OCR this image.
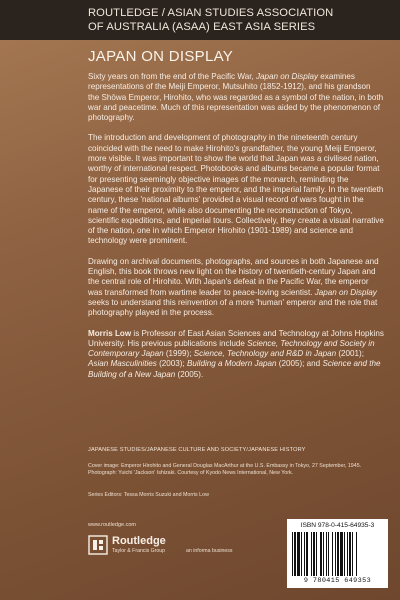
ROUTLEDGE / ASIAN STUDIES ASSOCIATION
OF AUSTRALIA (ASAA) EAST ASIA SERIES
JAPAN ON DISPLAY

Sixty years on from the end of the Pacific War, Japan on Display examines representations of the Meiji Emperor, Mutsuhito (1852-1912), and his grandson the Shōwa Emperor, Hirohito, who was regarded as a symbol of the nation, in both war and peacetime. Much of this representation was aided by the phenomenon of photography.

The introduction and development of photography in the nineteenth century coincided with the need to make Hirohito's grandfather, the young Meiji Emperor, more visible. It was important to show the world that Japan was a civilised nation, worthy of international respect. Photobooks and albums became a popular format for presenting seemingly objective images of the monarch, reminding the Japanese of their proximity to the emperor, and the imperial family. In the twentieth century, these 'national albums' provided a visual record of wars fought in the name of the emperor, while also documenting the reconstruction of Tokyo, scientific expeditions, and imperial tours. Collectively, they create a visual narrative of the nation, one in which Emperor Hirohito (1901-1989) and science and technology were prominent.

Drawing on archival documents, photographs, and sources in both Japanese and English, this book throws new light on the history of twentieth-century Japan and the central role of Hirohito. With Japan's defeat in the Pacific War, the emperor was transformed from wartime leader to peace-loving scientist. Japan on Display seeks to understand this reinvention of a more 'human' emperor and the role that photography played in the process.

Morris Low is Professor of East Asian Sciences and Technology at Johns Hopkins University. His previous publications include Science, Technology and Society in Contemporary Japan (1999); Science, Technology and R&D in Japan (2001); Asian Masculinities (2003); Building a Modern Japan (2005); and Science and the Building of a New Japan (2005).

JAPANESE STUDIES/JAPANESE CULTURE AND SOCIETY/JAPANESE HISTORY
Cover image: Emperor Hirohito and General Douglas MacArthur at the U.S. Embassy in Tokyo, 27 September, 1945. Photograph: Yuichi 'Jackson' Ishizaki. Courtesy of Kyodo News International, New York.
Series Editors: Tessa Morris Suzuki and Morris Low
www.routledge.com
Routledge
Taylor & Francis Group	an informa business
ISBN 978-0-415-64935-3
9 780415 649353
